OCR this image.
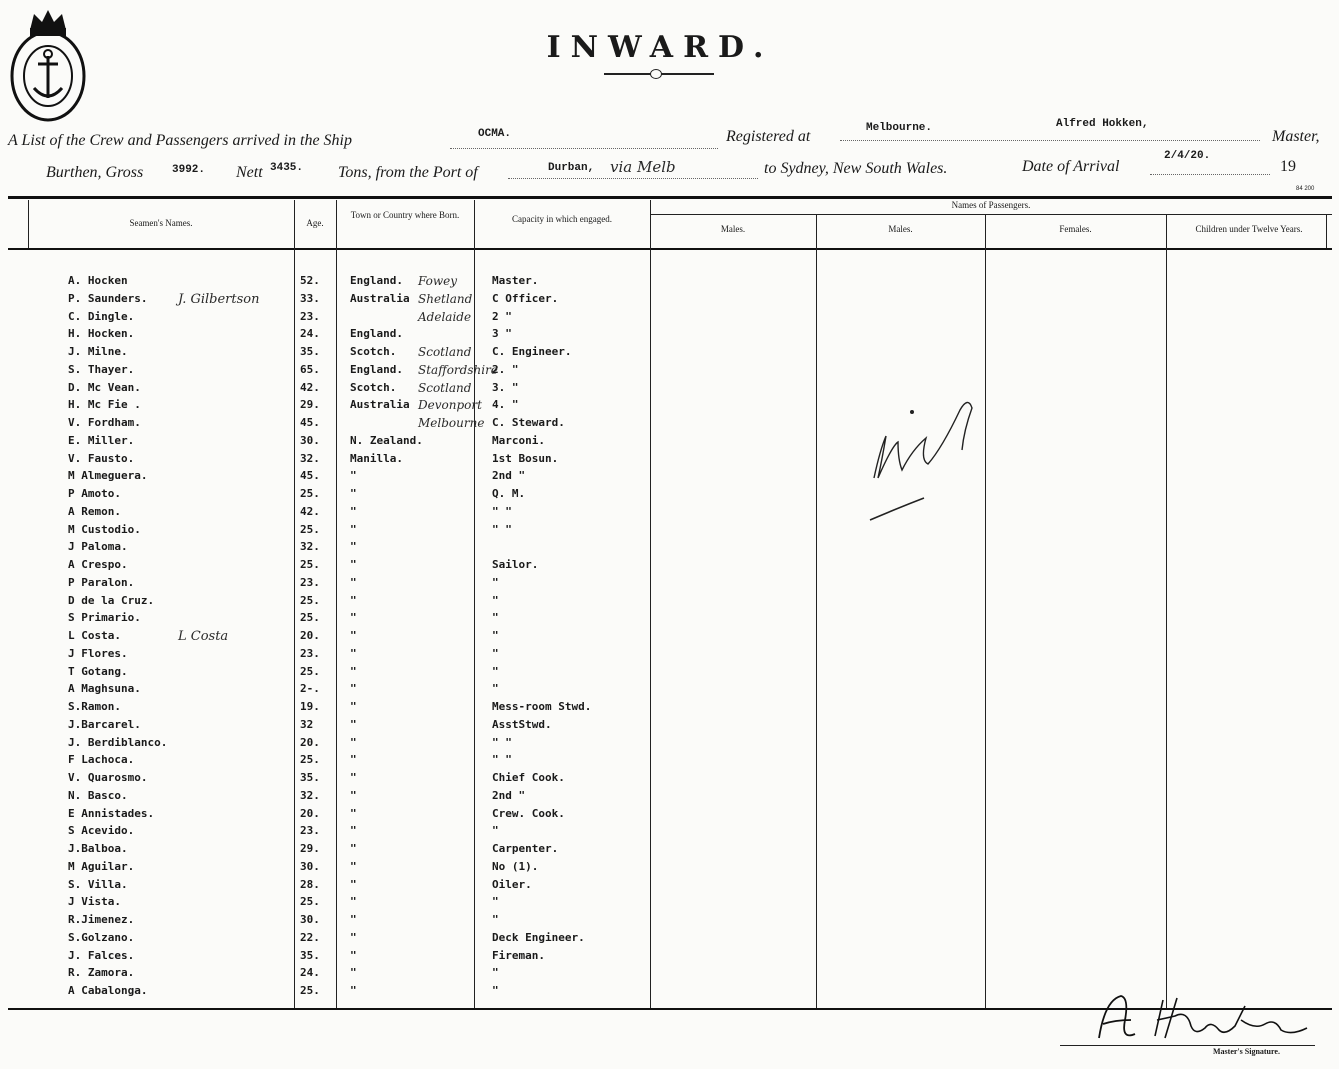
INWARD.
A List of the Crew and Passengers arrived in the Ship	OCMA.	Registered at	Melbourne.	Alfred Hokken,
Master,
Burthen, Gross	3992. Nett 3435. Tons, from the Port of	Durban, via Melb	to Sydney, New South Wales.	Date of Arrival
2/4/20.
19
84 200
Seamen's Names.	Age.
Town or Country where Born.	Capacity in which engaged.
Names of Passengers.
Males.	Males.	Females.	Children under Twelve Years.
A. Hocken	52.	England.	Master.
Fowey
P. Saunders.	33.	Australia	C Officer.
Shetland
J. Gilbertson
C. Dingle.	23.	2 "
Adelaide
H. Hocken.	24.	England.	3 "
J. Milne.	35.	Scotch.	C. Engineer.
Scotland
S. Thayer.	65.	England.	2. "
Staffordshire
D. Mc Vean.	42.	Scotch.	3. "
Scotland
H. Mc Fie .	29.	Australia	4. "
Devonport
V. Fordham.	45.	C. Steward.
Melbourne
E. Miller.	30.	N. Zealand.	Marconi.
V. Fausto.	32.	Manilla.	1st Bosun.
M Almeguera.	45.	"	2nd "
P Amoto.	25.	"	Q. M.
A Remon.	42.	"	" "
M Custodio.	25.	"	" "
J Paloma.	32.	"
A Crespo.	25.	"	Sailor.
P Paralon.	23.	"	"
D de la Cruz.	25.	"	"
S Primario.	25.	"	"
L Costa.	20.	"	"
L Costa
J Flores.	23.	"	"
T Gotang.	25.	"	"
A Maghsuna.	2-.	"	"
S.Ramon.	19.	"	Mess-room Stwd.
J.Barcarel.	32	"	AsstStwd.
J. Berdiblanco.	20.	"	" "
F Lachoca.	25.	"	" "
V. Quarosmo.	35.	"	Chief Cook.
N. Basco.	32.	"	2nd "
E Annistades.	20.	"	Crew. Cook.
S Acevido.	23.	"	"
J.Balboa.	29.	"	Carpenter.
M Aguilar.	30.	"	No (1).
S. Villa.	28.	"	Oiler.
J Vista.	25.	"	"
R.Jimenez.	30.	"	"
S.Golzano.	22.	"	Deck Engineer.
J. Falces.	35.	"	Fireman.
R. Zamora.	24.	"	"
A Cabalonga.	25.	"	"
Master's Signature.
